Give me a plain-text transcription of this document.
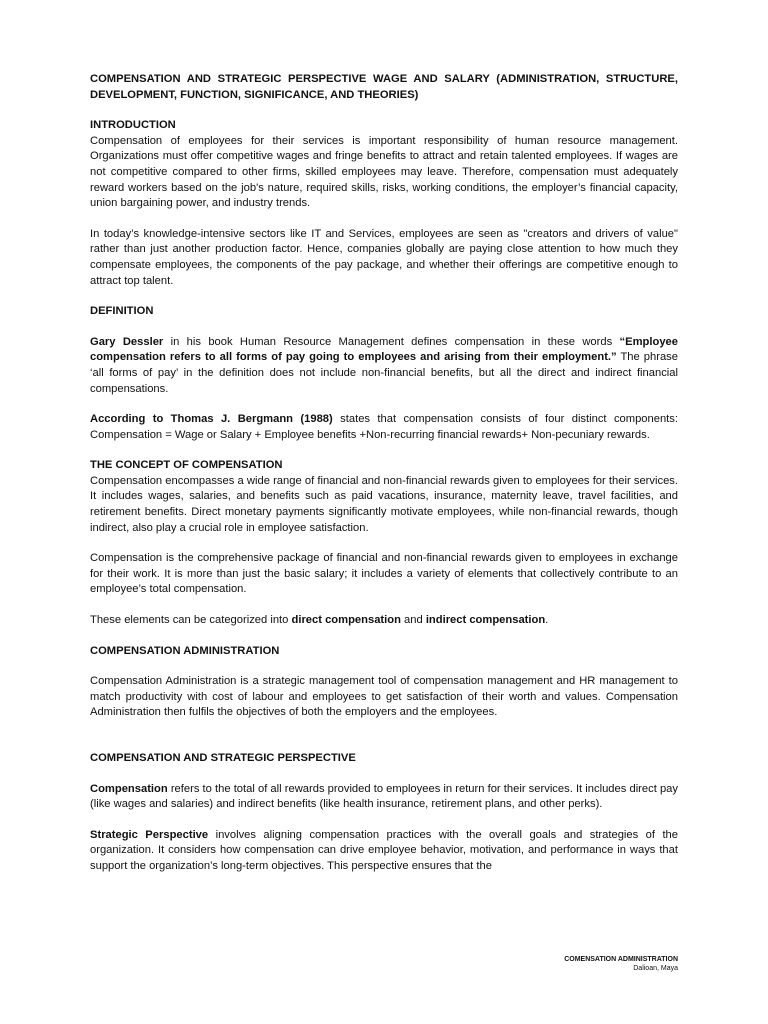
COMPENSATION AND STRATEGIC PERSPECTIVE WAGE AND SALARY (ADMINISTRATION, STRUCTURE, DEVELOPMENT, FUNCTION, SIGNIFICANCE, AND THEORIES)

INTRODUCTION

Compensation of employees for their services is important responsibility of human resource management. Organizations must offer competitive wages and fringe benefits to attract and retain talented employees. If wages are not competitive compared to other firms, skilled employees may leave. Therefore, compensation must adequately reward workers based on the job's nature, required skills, risks, working conditions, the employer’s financial capacity, union bargaining power, and industry trends.

In today’s knowledge-intensive sectors like IT and Services, employees are seen as "creators and drivers of value" rather than just another production factor. Hence, companies globally are paying close attention to how much they compensate employees, the components of the pay package, and whether their offerings are competitive enough to attract top talent.

DEFINITION

Gary Dessler in his book Human Resource Management defines compensation in these words “Employee compensation refers to all forms of pay going to employees and arising from their employment.” The phrase ‘all forms of pay’ in the definition does not include non-financial benefits, but all the direct and indirect financial compensations.

According to Thomas J. Bergmann (1988) states that compensation consists of four distinct components: Compensation = Wage or Salary + Employee benefits +Non-recurring financial rewards+ Non-pecuniary rewards.

THE CONCEPT OF COMPENSATION

Compensation encompasses a wide range of financial and non-financial rewards given to employees for their services. It includes wages, salaries, and benefits such as paid vacations, insurance, maternity leave, travel facilities, and retirement benefits. Direct monetary payments significantly motivate employees, while non-financial rewards, though indirect, also play a crucial role in employee satisfaction.

Compensation is the comprehensive package of financial and non-financial rewards given to employees in exchange for their work. It is more than just the basic salary; it includes a variety of elements that collectively contribute to an employee’s total compensation.

These elements can be categorized into direct compensation and indirect compensation.

COMPENSATION ADMINISTRATION

Compensation Administration is a strategic management tool of compensation management and HR management to match productivity with cost of labour and employees to get satisfaction of their worth and values. Compensation Administration then fulfils the objectives of both the employers and the employees.

COMPENSATION AND STRATEGIC PERSPECTIVE

Compensation refers to the total of all rewards provided to employees in return for their services. It includes direct pay (like wages and salaries) and indirect benefits (like health insurance, retirement plans, and other perks).

Strategic Perspective involves aligning compensation practices with the overall goals and strategies of the organization. It considers how compensation can drive employee behavior, motivation, and performance in ways that support the organization’s long-term objectives. This perspective ensures that the

COMENSATION ADMINISTRATION
Dalioan, Maya
